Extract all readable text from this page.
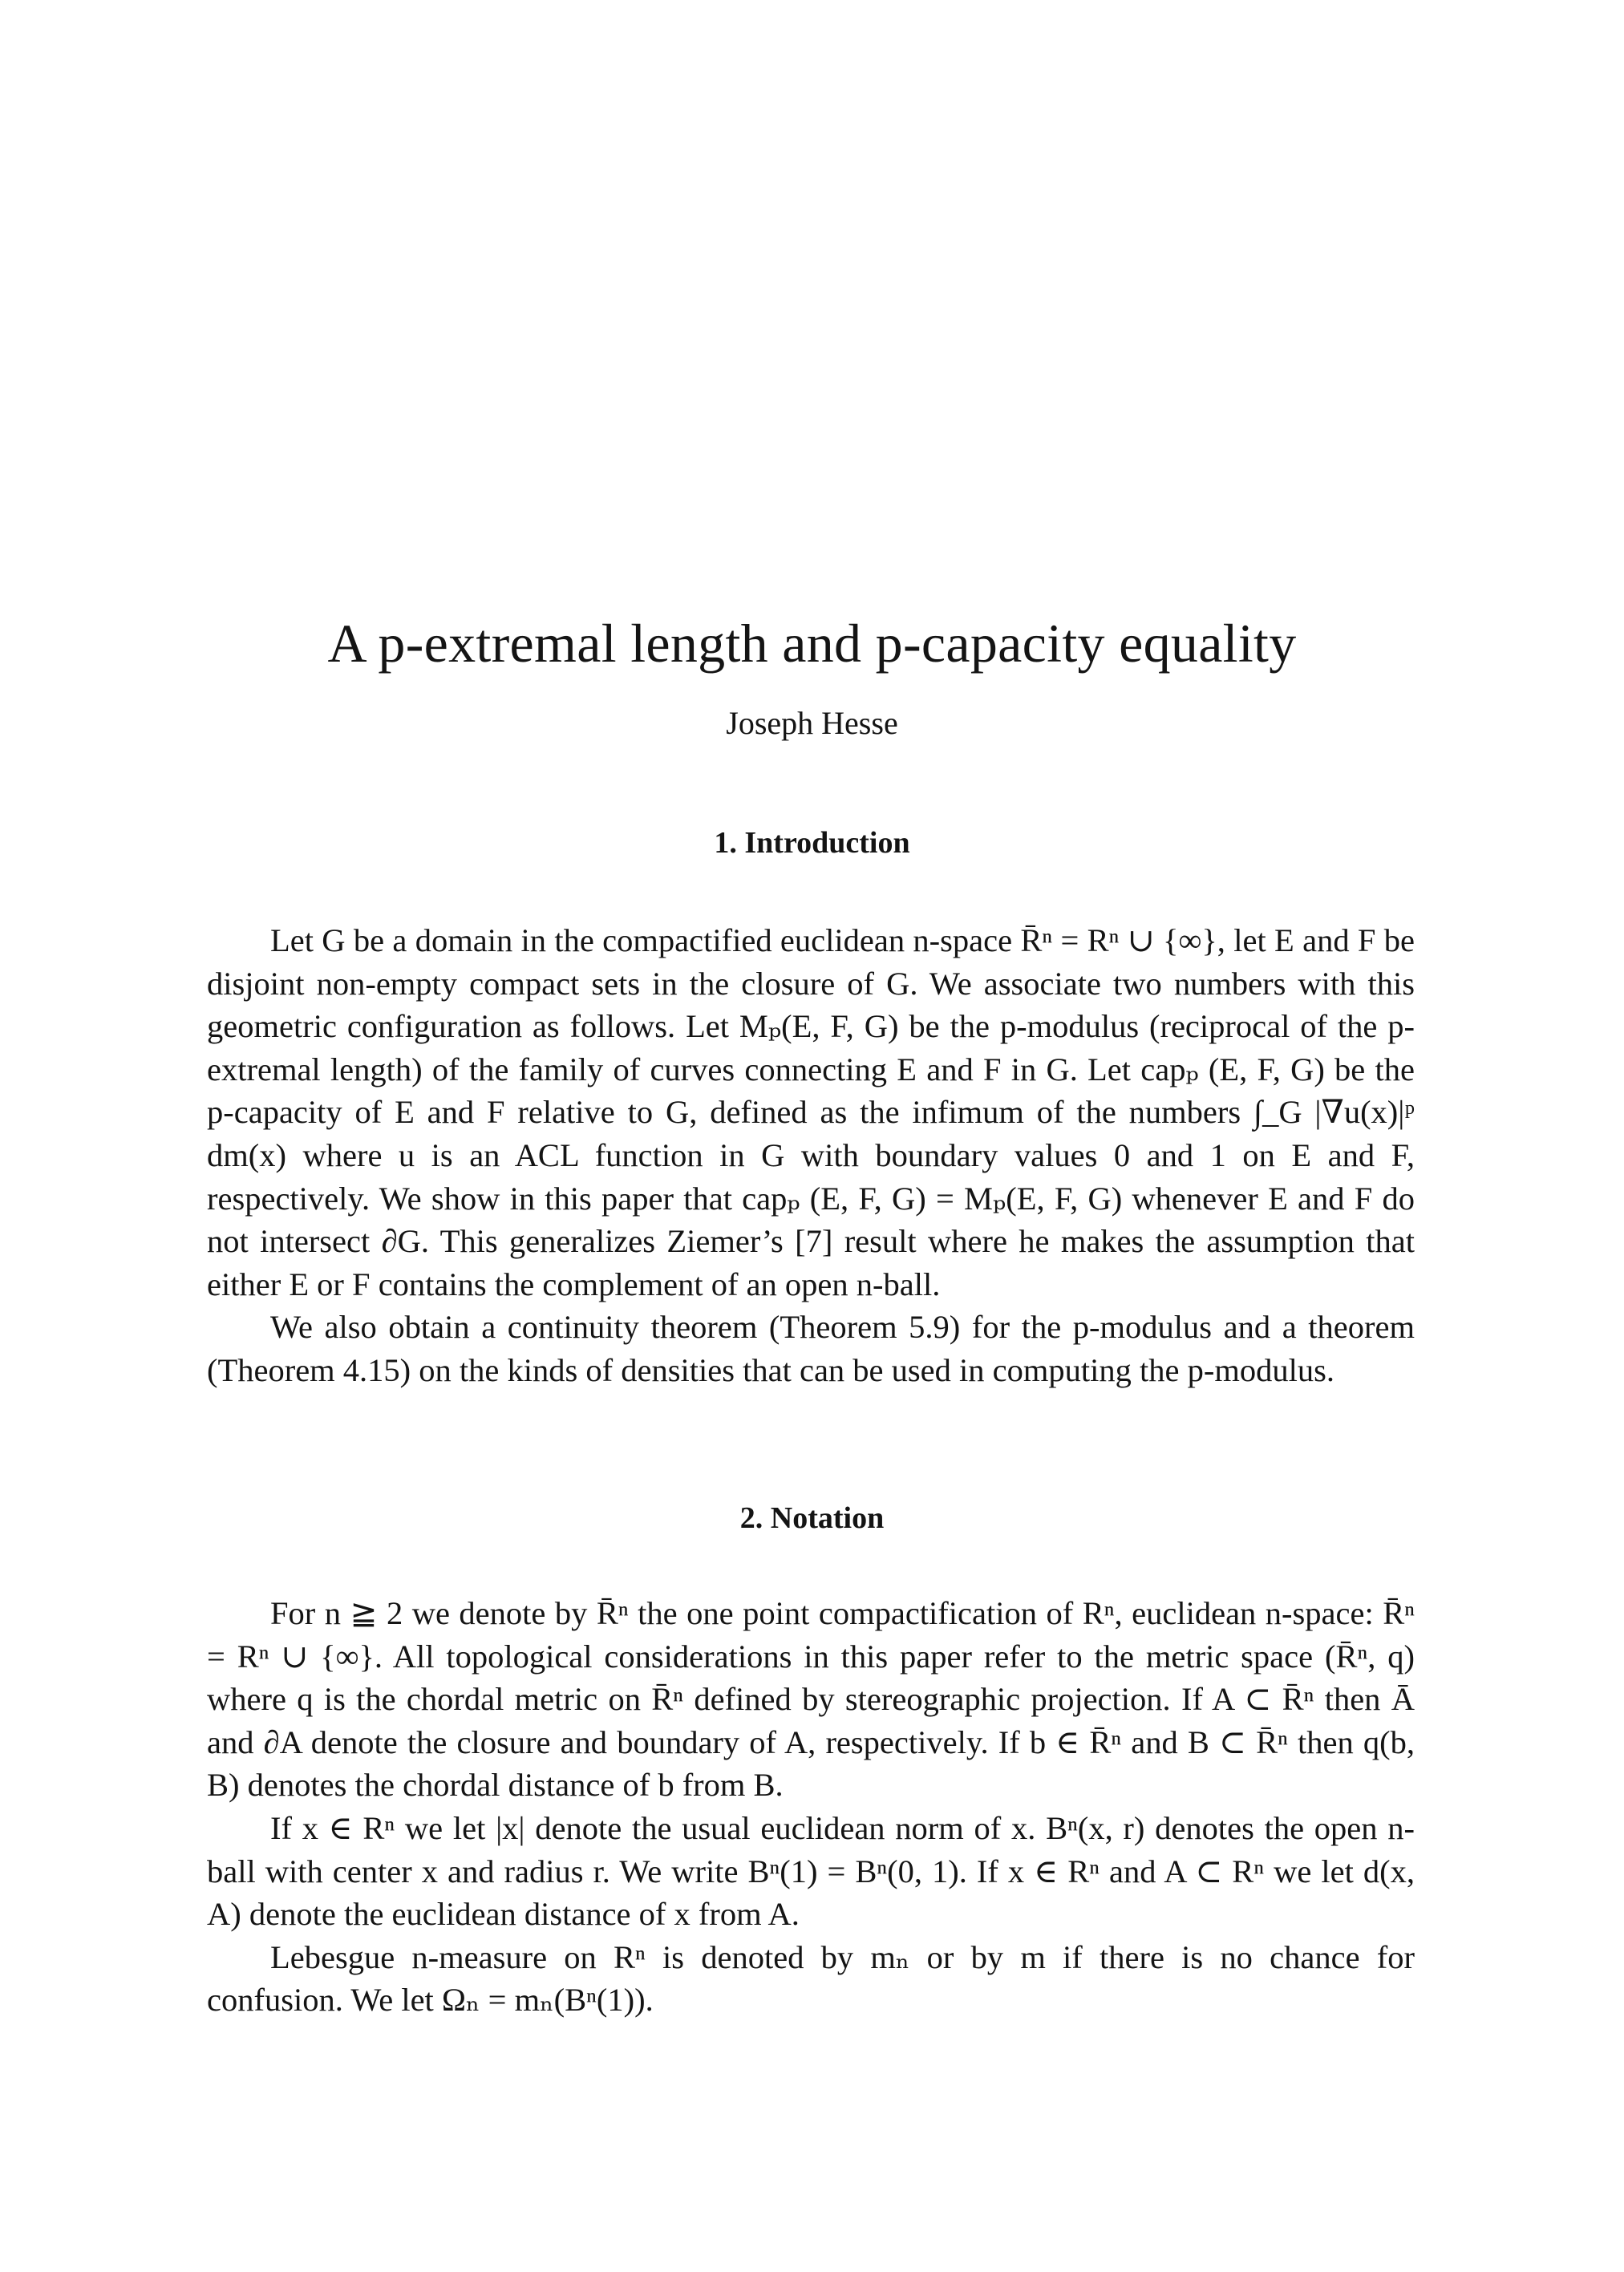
A p-extremal length and p-capacity equality
Joseph Hesse
1. Introduction

Let G be a domain in the compactified euclidean n-space R̄ⁿ = Rⁿ ∪ {∞}, let E and F be disjoint non-empty compact sets in the closure of G. We associate two numbers with this geometric configuration as follows. Let Mₚ(E, F, G) be the p-modulus (reciprocal of the p-extremal length) of the family of curves connecting E and F in G. Let capₚ (E, F, G) be the p-capacity of E and F relative to G, defined as the infimum of the numbers ∫_G |∇u(x)|ᵖ dm(x) where u is an ACL function in G with boundary values 0 and 1 on E and F, respectively. We show in this paper that capₚ (E, F, G) = Mₚ(E, F, G) whenever E and F do not intersect ∂G. This generalizes Ziemer’s [7] result where he makes the assumption that either E or F contains the complement of an open n-ball.

We also obtain a continuity theorem (Theorem 5.9) for the p-modulus and a theorem (Theorem 4.15) on the kinds of densities that can be used in computing the p-modulus.

2. Notation

For n ≧ 2 we denote by R̄ⁿ the one point compactification of Rⁿ, euclidean n-space: R̄ⁿ = Rⁿ ∪ {∞}. All topological considerations in this paper refer to the metric space (R̄ⁿ, q) where q is the chordal metric on R̄ⁿ defined by stereographic projection. If A ⊂ R̄ⁿ then Ā and ∂A denote the closure and boundary of A, respectively. If b ∈ R̄ⁿ and B ⊂ R̄ⁿ then q(b, B) denotes the chordal distance of b from B.

If x ∈ Rⁿ we let |x| denote the usual euclidean norm of x. Bⁿ(x, r) denotes the open n-ball with center x and radius r. We write Bⁿ(1) = Bⁿ(0, 1). If x ∈ Rⁿ and A ⊂ Rⁿ we let d(x, A) denote the euclidean distance of x from A.

Lebesgue n-measure on Rⁿ is denoted by mₙ or by m if there is no chance for confusion. We let Ωₙ = mₙ(Bⁿ(1)).
